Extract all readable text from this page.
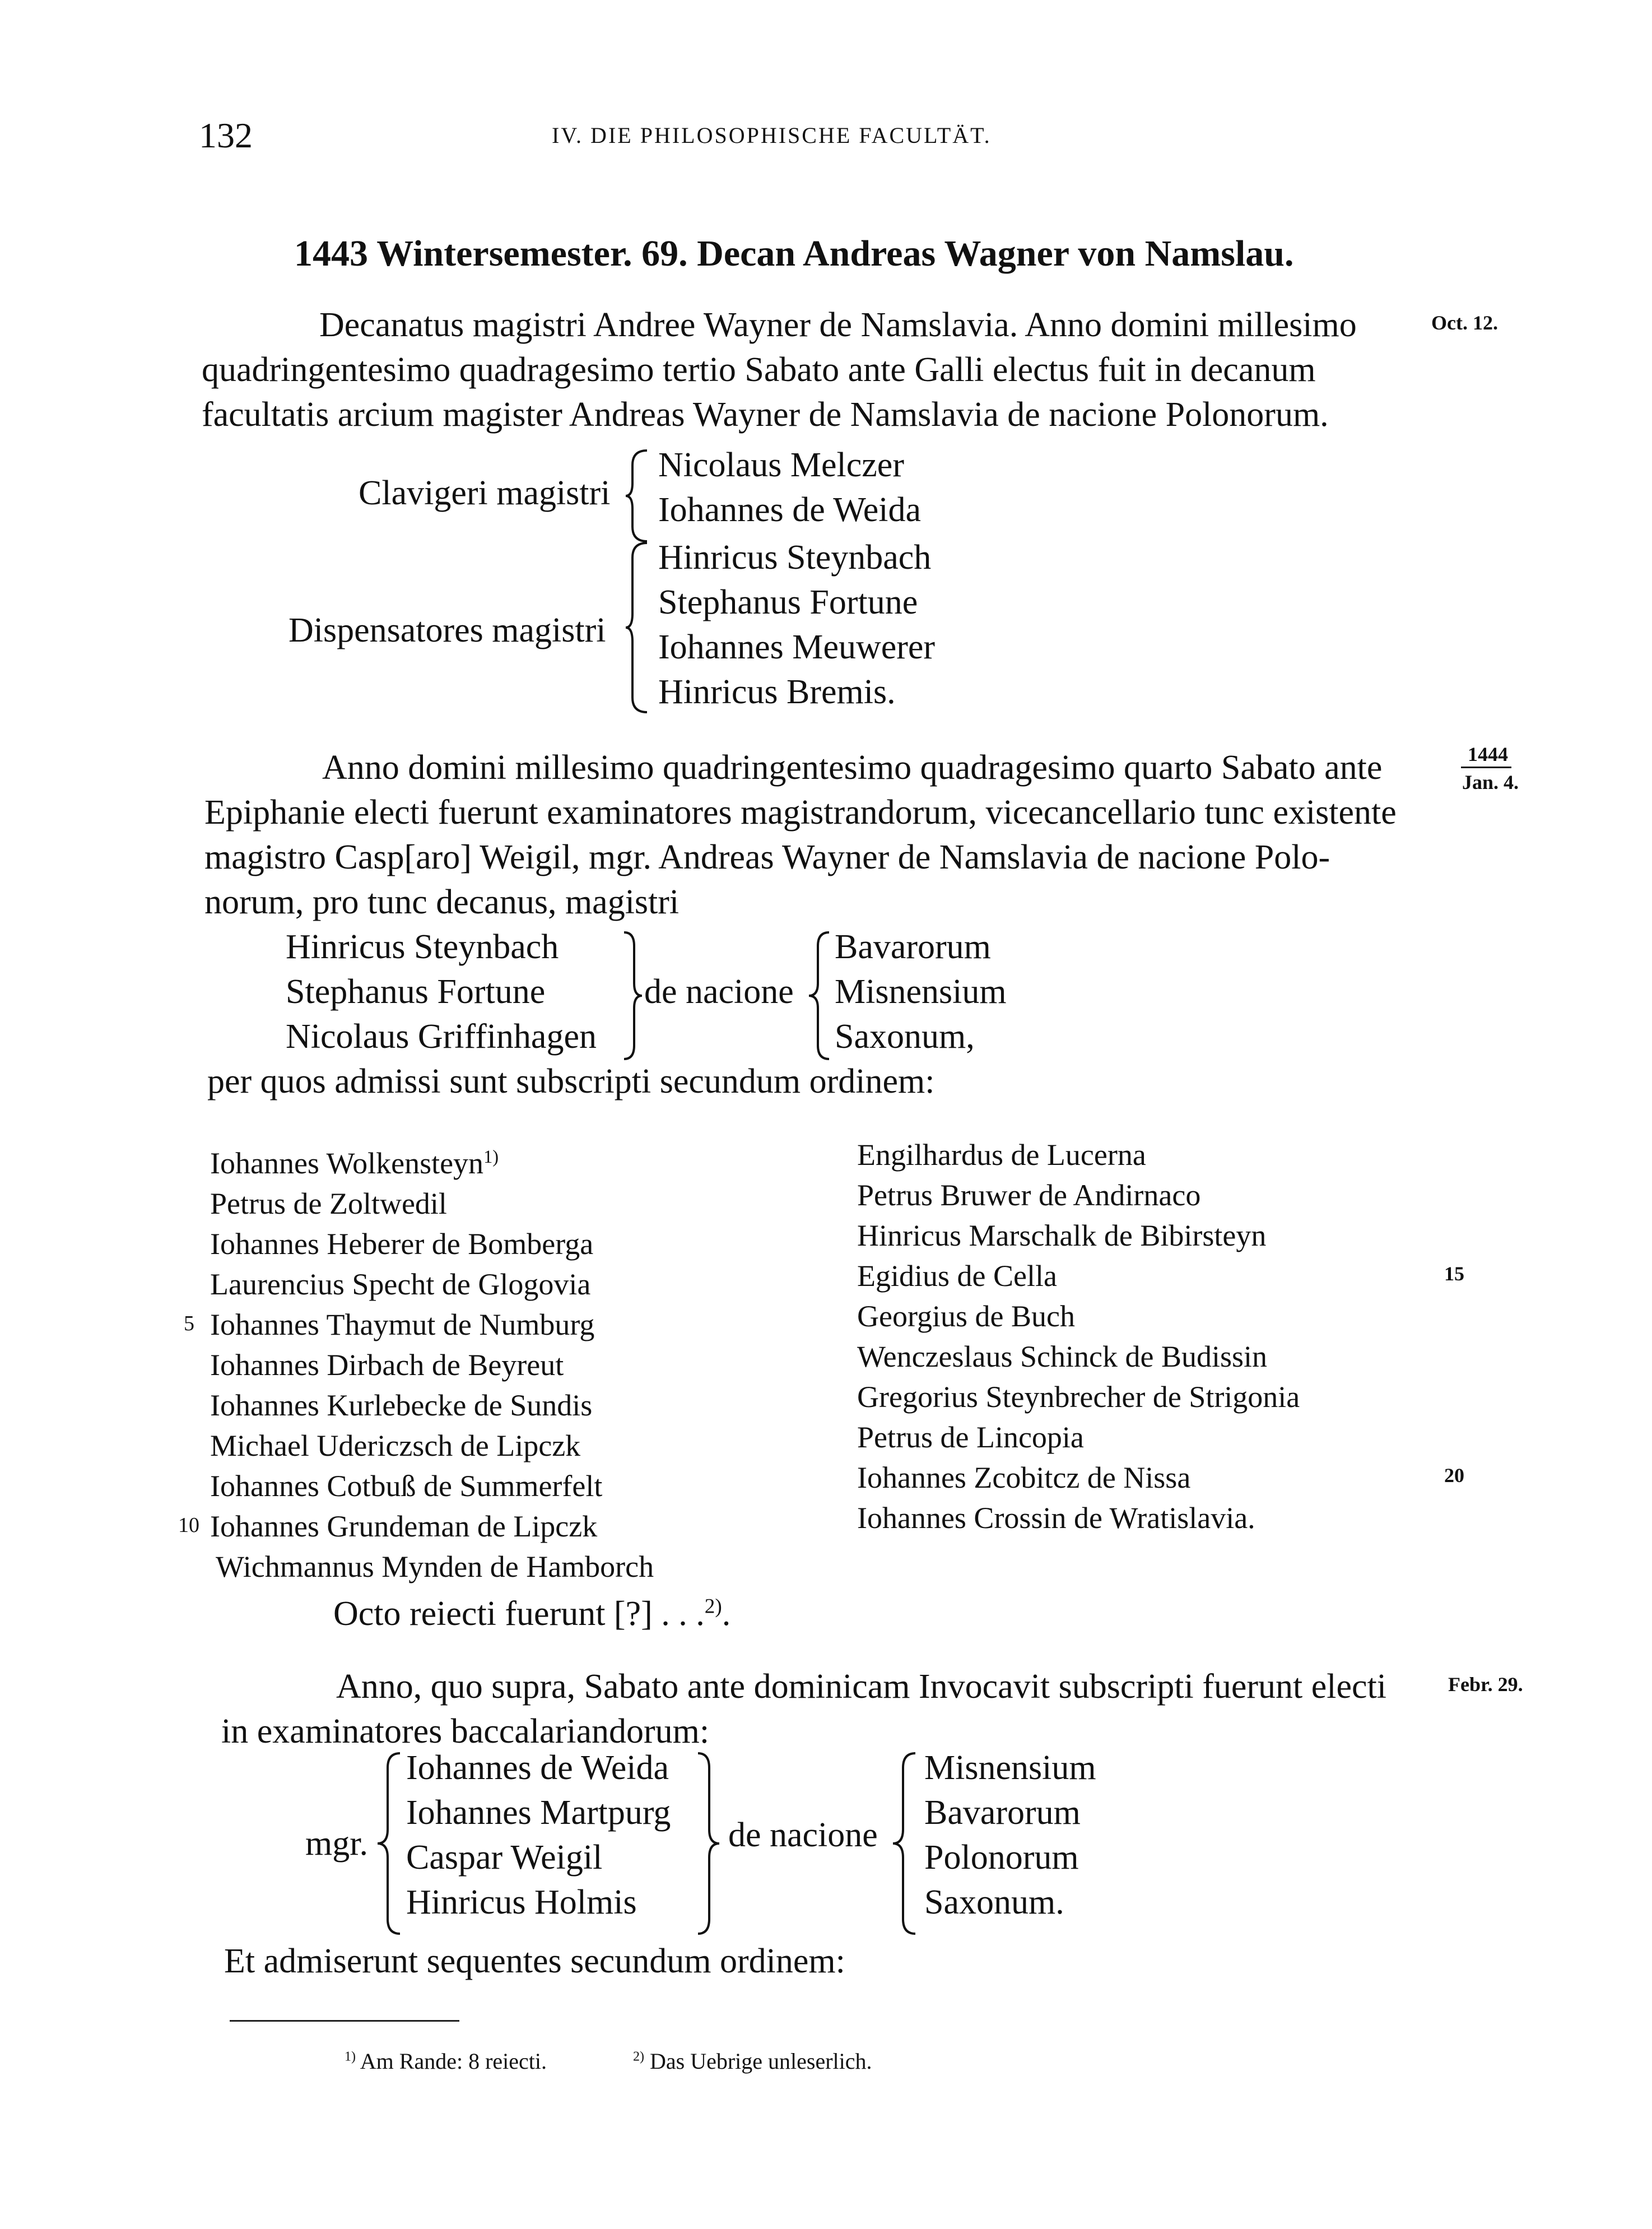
132	IV. DIE PHILOSOPHISCHE FACULTÄT.
1443 Wintersemester. 69. Decan Andreas Wagner von Namslau.
Decanatus magistri Andree Wayner de Namslavia. Anno domini millesimo
quadringentesimo quadragesimo tertio Sabato ante Galli electus fuit in decanum
facultatis arcium magister Andreas Wayner de Namslavia de nacione Polonorum.
Oct. 12.
Clavigeri magistri
Nicolaus Melczer
Iohannes de Weida
Dispensatores magistri
Hinricus Steynbach
Stephanus Fortune
Iohannes Meuwerer
Hinricus Bremis.
Anno domini millesimo quadringentesimo quadragesimo quarto Sabato ante
Epiphanie electi fuerunt examinatores magistrandorum, vicecancellario tunc existente
magistro Casp[aro] Weigil, mgr. Andreas Wayner de Namslavia de nacione Polo-
norum, pro tunc decanus, magistri
1444
Jan. 4.
Hinricus Steynbach
Stephanus Fortune
Nicolaus Griffinhagen
de nacione
Bavarorum
Misnensium
Saxonum,
per quos admissi sunt subscripti secundum ordinem:
Iohannes Wolkensteyn$^{1)}$
Petrus de Zoltwedil
Iohannes Heberer de Bomberga
Laurencius Specht de Glogovia
5 Iohannes Thaymut de Numburg
Iohannes Dirbach de Beyreut
Iohannes Kurlebecke de Sundis
Michael Udericzsch de Lipczk
Iohannes Cotbuß de Summerfelt
10 Iohannes Grundeman de Lipczk
Wichmannus Mynden de Hamborch
Engilhardus de Lucerna
Petrus Bruwer de Andirnaco
Hinricus Marschalk de Bibirsteyn
Egidius de Cella	15
Georgius de Buch
Wenczeslaus Schinck de Budissin
Gregorius Steynbrecher de Strigonia
Petrus de Lincopia
Iohannes Zcobitcz de Nissa	20
Iohannes Crossin de Wratislavia.
Octo reiecti fuerunt [?] . . .$^{2)}$.
Anno, quo supra, Sabato ante dominicam Invocavit subscripti fuerunt electi
in examinatores baccalariandorum:
Febr. 29.
mgr.
Iohannes de Weida
Iohannes Martpurg
Caspar Weigil
Hinricus Holmis
de nacione
Misnensium
Bavarorum
Polonorum
Saxonum.
Et admiserunt sequentes secundum ordinem:
$^{1)}$ Am Rande: 8 reiecti.	$^{2)}$ Das Uebrige unleserlich.
